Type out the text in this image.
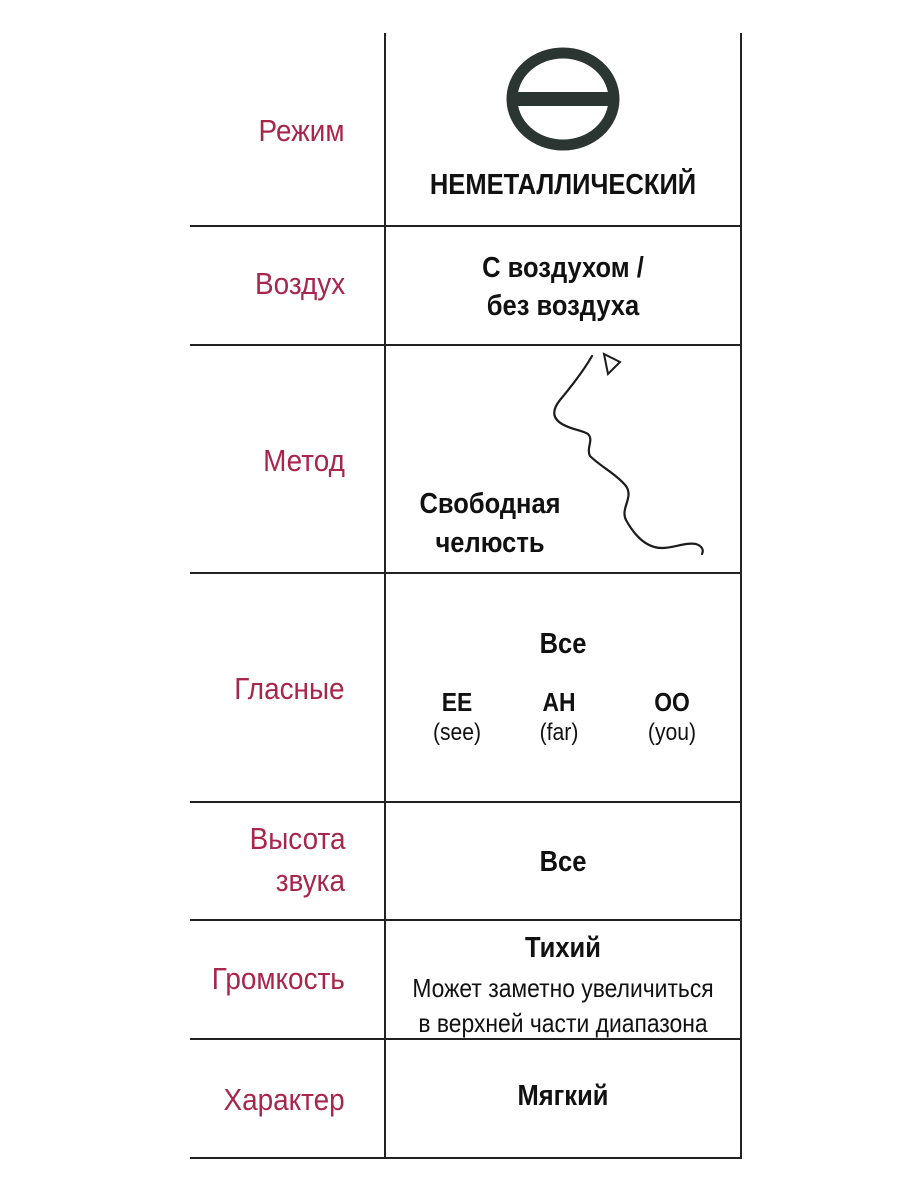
Режим
НЕМЕТАЛЛИЧЕСКИЙ
Воздух	С воздухом /
без воздуха
Метод
Свободная
челюсть
Гласные
Все
EE
(see)
AH
(far)
OO
(you)
Высота
звука
Все
Громкость
Тихий
Может заметно увеличиться
в верхней части диапазона
Характер	Мягкий
